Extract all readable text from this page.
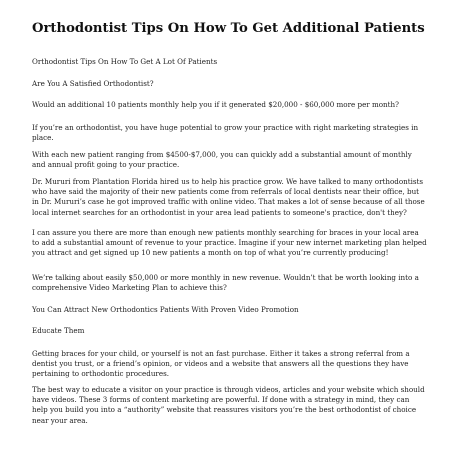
Orthodontist Tips On How To Get Additional Patients

Orthodontist Tips On How To Get A Lot Of Patients

Are You A Satisfied Orthodontist?

Would an additional 10 patients monthly help you if it generated $20,000 - $60,000 more per month?

If you’re an orthodontist, you have huge potential to grow your practice with right marketing strategies in place.

With each new patient ranging from $4500-$7,000, you can quickly add a substantial amount of monthly and annual profit going to your practice.

Dr. Mururi from Plantation Florida hired us to help his practice grow. We have talked to many orthodontists who have said the majority of their new patients come from referrals of local dentists near their office, but in Dr. Mururi’s case he got improved traffic with online video. That makes a lot of sense because of all those local internet searches for an orthodontist in your area lead patients to someone's practice, don't they?

I can assure you there are more than enough new patients monthly searching for braces in your local area to add a substantial amount of revenue to your practice. Imagine if your new internet marketing plan helped you attract and get signed up 10 new patients a month on top of what you’re currently producing!

We’re talking about easily $50,000 or more monthly in new revenue. Wouldn’t that be worth looking into a comprehensive Video Marketing Plan to achieve this?

You Can Attract New Orthodontics Patients With Proven Video Promotion

Educate Them

Getting braces for your child, or yourself is not an fast purchase. Either it takes a strong referral from a dentist you trust, or a friend’s opinion, or videos and a website that answers all the questions they have pertaining to orthodontic procedures.

The best way to educate a visitor on your practice is through videos, articles and your website which should have videos. These 3 forms of content marketing are powerful. If done with a strategy in mind, they can help you build you into a “authority” website that reassures visitors you’re the best orthodontist of choice near your area.
